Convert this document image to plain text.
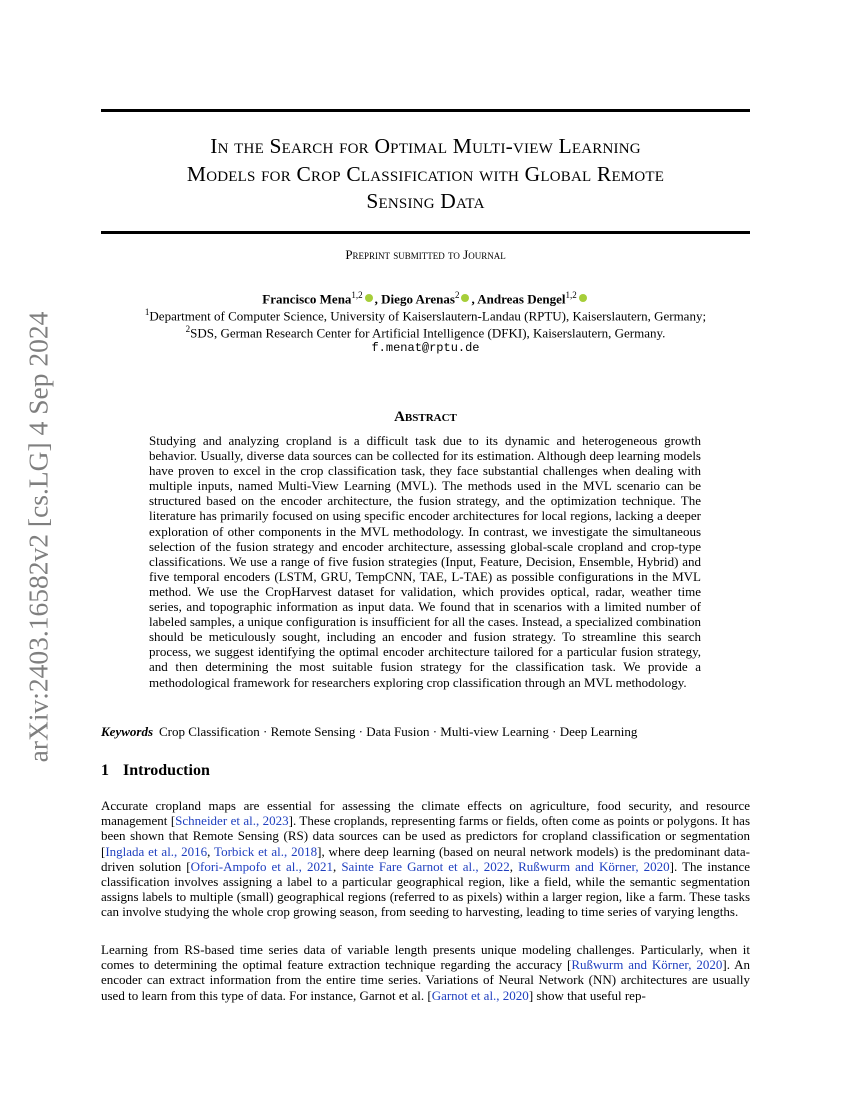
arXiv:2403.16582v2 [cs.LG] 4 Sep 2024
In the Search for Optimal Multi-view Learning
Models for Crop Classification with Global Remote
Sensing Data
Preprint submitted to Journal
Francisco Mena$^{1,2}$ , Diego Arenas$^2$ , Andreas Dengel$^{1,2}$
$^1$Department of Computer Science, University of Kaiserslautern-Landau (RPTU), Kaiserslautern, Germany;
$^2$SDS, German Research Center for Artificial Intelligence (DFKI), Kaiserslautern, Germany.
f.menat@rptu.de
Abstract
Studying and analyzing cropland is a difficult task due to its dynamic and heterogeneous growth behavior. Usually, diverse data sources can be collected for its estimation. Although deep learning models have proven to excel in the crop classification task, they face substantial challenges when dealing with multiple inputs, named Multi-View Learning (MVL). The methods used in the MVL scenario can be structured based on the encoder architecture, the fusion strategy, and the optimization technique. The literature has primarily focused on using specific encoder architectures for local regions, lacking a deeper exploration of other components in the MVL methodology. In contrast, we investigate the simultaneous selection of the fusion strategy and encoder architecture, assessing global-scale cropland and crop-type classifications. We use a range of five fusion strategies (Input, Feature, Decision, Ensemble, Hybrid) and five temporal encoders (LSTM, GRU, TempCNN, TAE, L-TAE) as possible configurations in the MVL method. We use the CropHarvest dataset for validation, which provides optical, radar, weather time series, and topographic information as input data. We found that in scenarios with a limited number of labeled samples, a unique configuration is insufficient for all the cases. Instead, a specialized combination should be meticulously sought, including an encoder and fusion strategy. To streamline this search process, we suggest identifying the optimal encoder architecture tailored for a particular fusion strategy, and then determining the most suitable fusion strategy for the classification task. We provide a methodological framework for researchers exploring crop classification through an MVL methodology.
Keywords Crop Classification · Remote Sensing · Data Fusion · Multi-view Learning · Deep Learning
1 Introduction
Accurate cropland maps are essential for assessing the climate effects on agriculture, food security, and resource management [Schneider et al., 2023]. These croplands, representing farms or fields, often come as points or polygons. It has been shown that Remote Sensing (RS) data sources can be used as predictors for cropland classification or segmentation [Inglada et al., 2016, Torbick et al., 2018], where deep learning (based on neural network models) is the predominant data-driven solution [Ofori-Ampofo et al., 2021, Sainte Fare Garnot et al., 2022, Rußwurm and Körner, 2020]. The instance classification involves assigning a label to a particular geographical region, like a field, while the semantic segmentation assigns labels to multiple (small) geographical regions (referred to as pixels) within a larger region, like a farm. These tasks can involve studying the whole crop growing season, from seeding to harvesting, leading to time series of varying lengths.
Learning from RS-based time series data of variable length presents unique modeling challenges. Particularly, when it comes to determining the optimal feature extraction technique regarding the accuracy [Rußwurm and Körner, 2020]. An encoder can extract information from the entire time series. Variations of Neural Network (NN) architectures are usually used to learn from this type of data. For instance, Garnot et al. [Garnot et al., 2020] show that useful rep-
